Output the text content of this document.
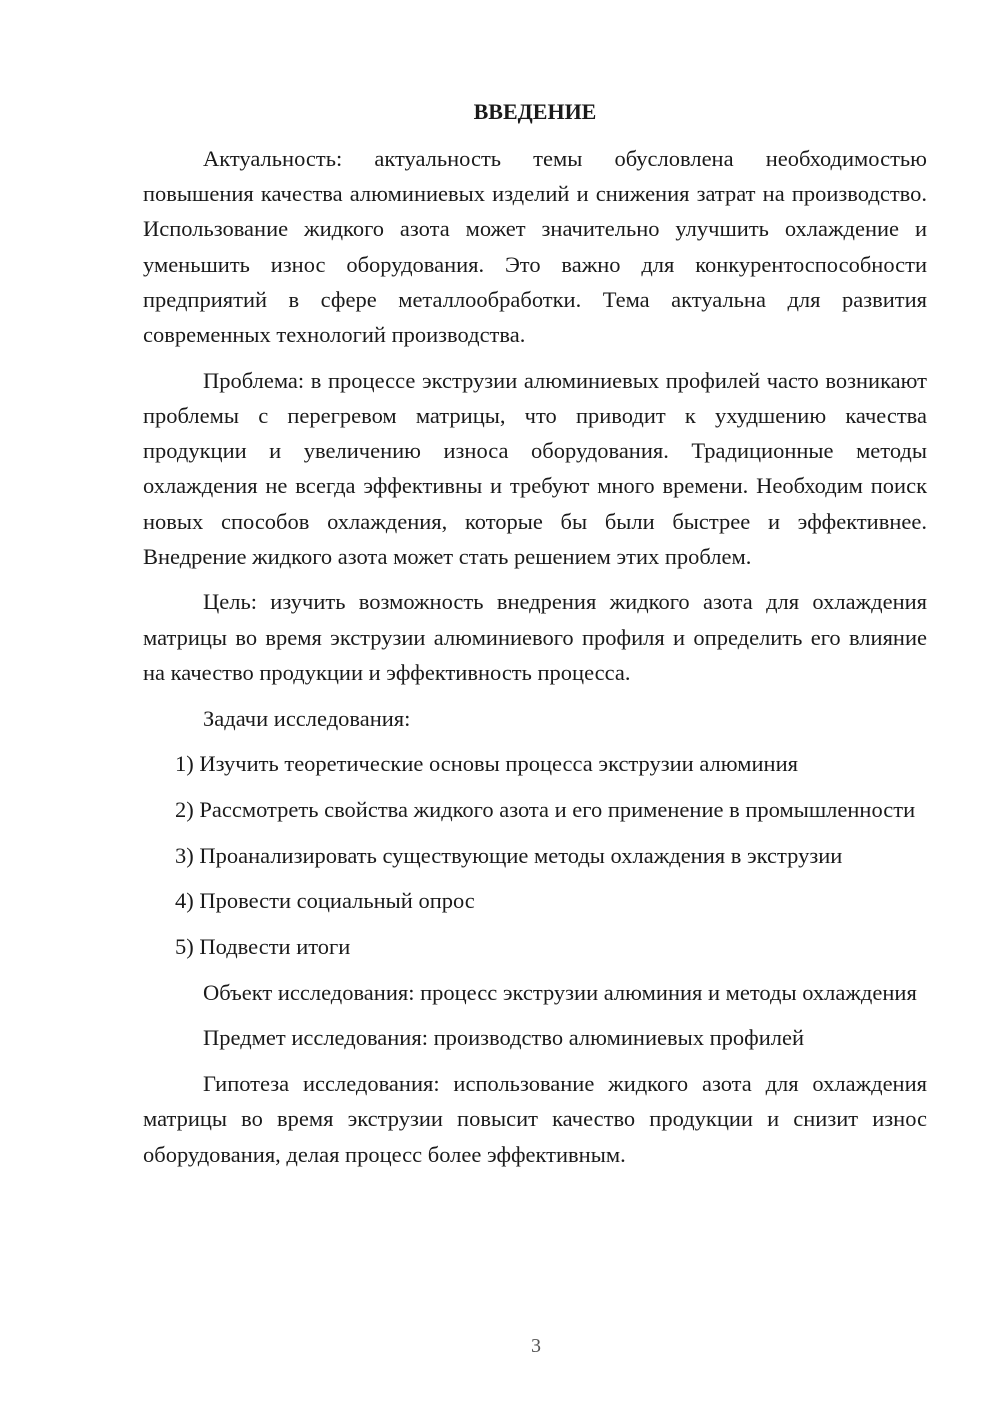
ВВЕДЕНИЕ

Актуальность: актуальность темы обусловлена необходимостью повышения качества алюминиевых изделий и снижения затрат на производство. Использование жидкого азота может значительно улучшить охлаждение и уменьшить износ оборудования. Это важно для конкурентоспособности предприятий в сфере металлообработки. Тема актуальна для развития современных технологий производства.

Проблема: в процессе экструзии алюминиевых профилей часто возникают проблемы с перегревом матрицы, что приводит к ухудшению качества продукции и увеличению износа оборудования. Традиционные методы охлаждения не всегда эффективны и требуют много времени. Необходим поиск новых способов охлаждения, которые бы были быстрее и эффективнее. Внедрение жидкого азота может стать решением этих проблем.

Цель: изучить возможность внедрения жидкого азота для охлаждения матрицы во время экструзии алюминиевого профиля и определить его влияние на качество продукции и эффективность процесса.

Задачи исследования:

1) Изучить теоретические основы процесса экструзии алюминия

2) Рассмотреть свойства жидкого азота и его применение в промышленности

3) Проанализировать существующие методы охлаждения в экструзии

4) Провести социальный опрос

5) Подвести итоги

Объект исследования: процесс экструзии алюминия и методы охлаждения

Предмет исследования: производство алюминиевых профилей

Гипотеза исследования: использование жидкого азота для охлаждения матрицы во время экструзии повысит качество продукции и снизит износ оборудования, делая процесс более эффективным.

3
